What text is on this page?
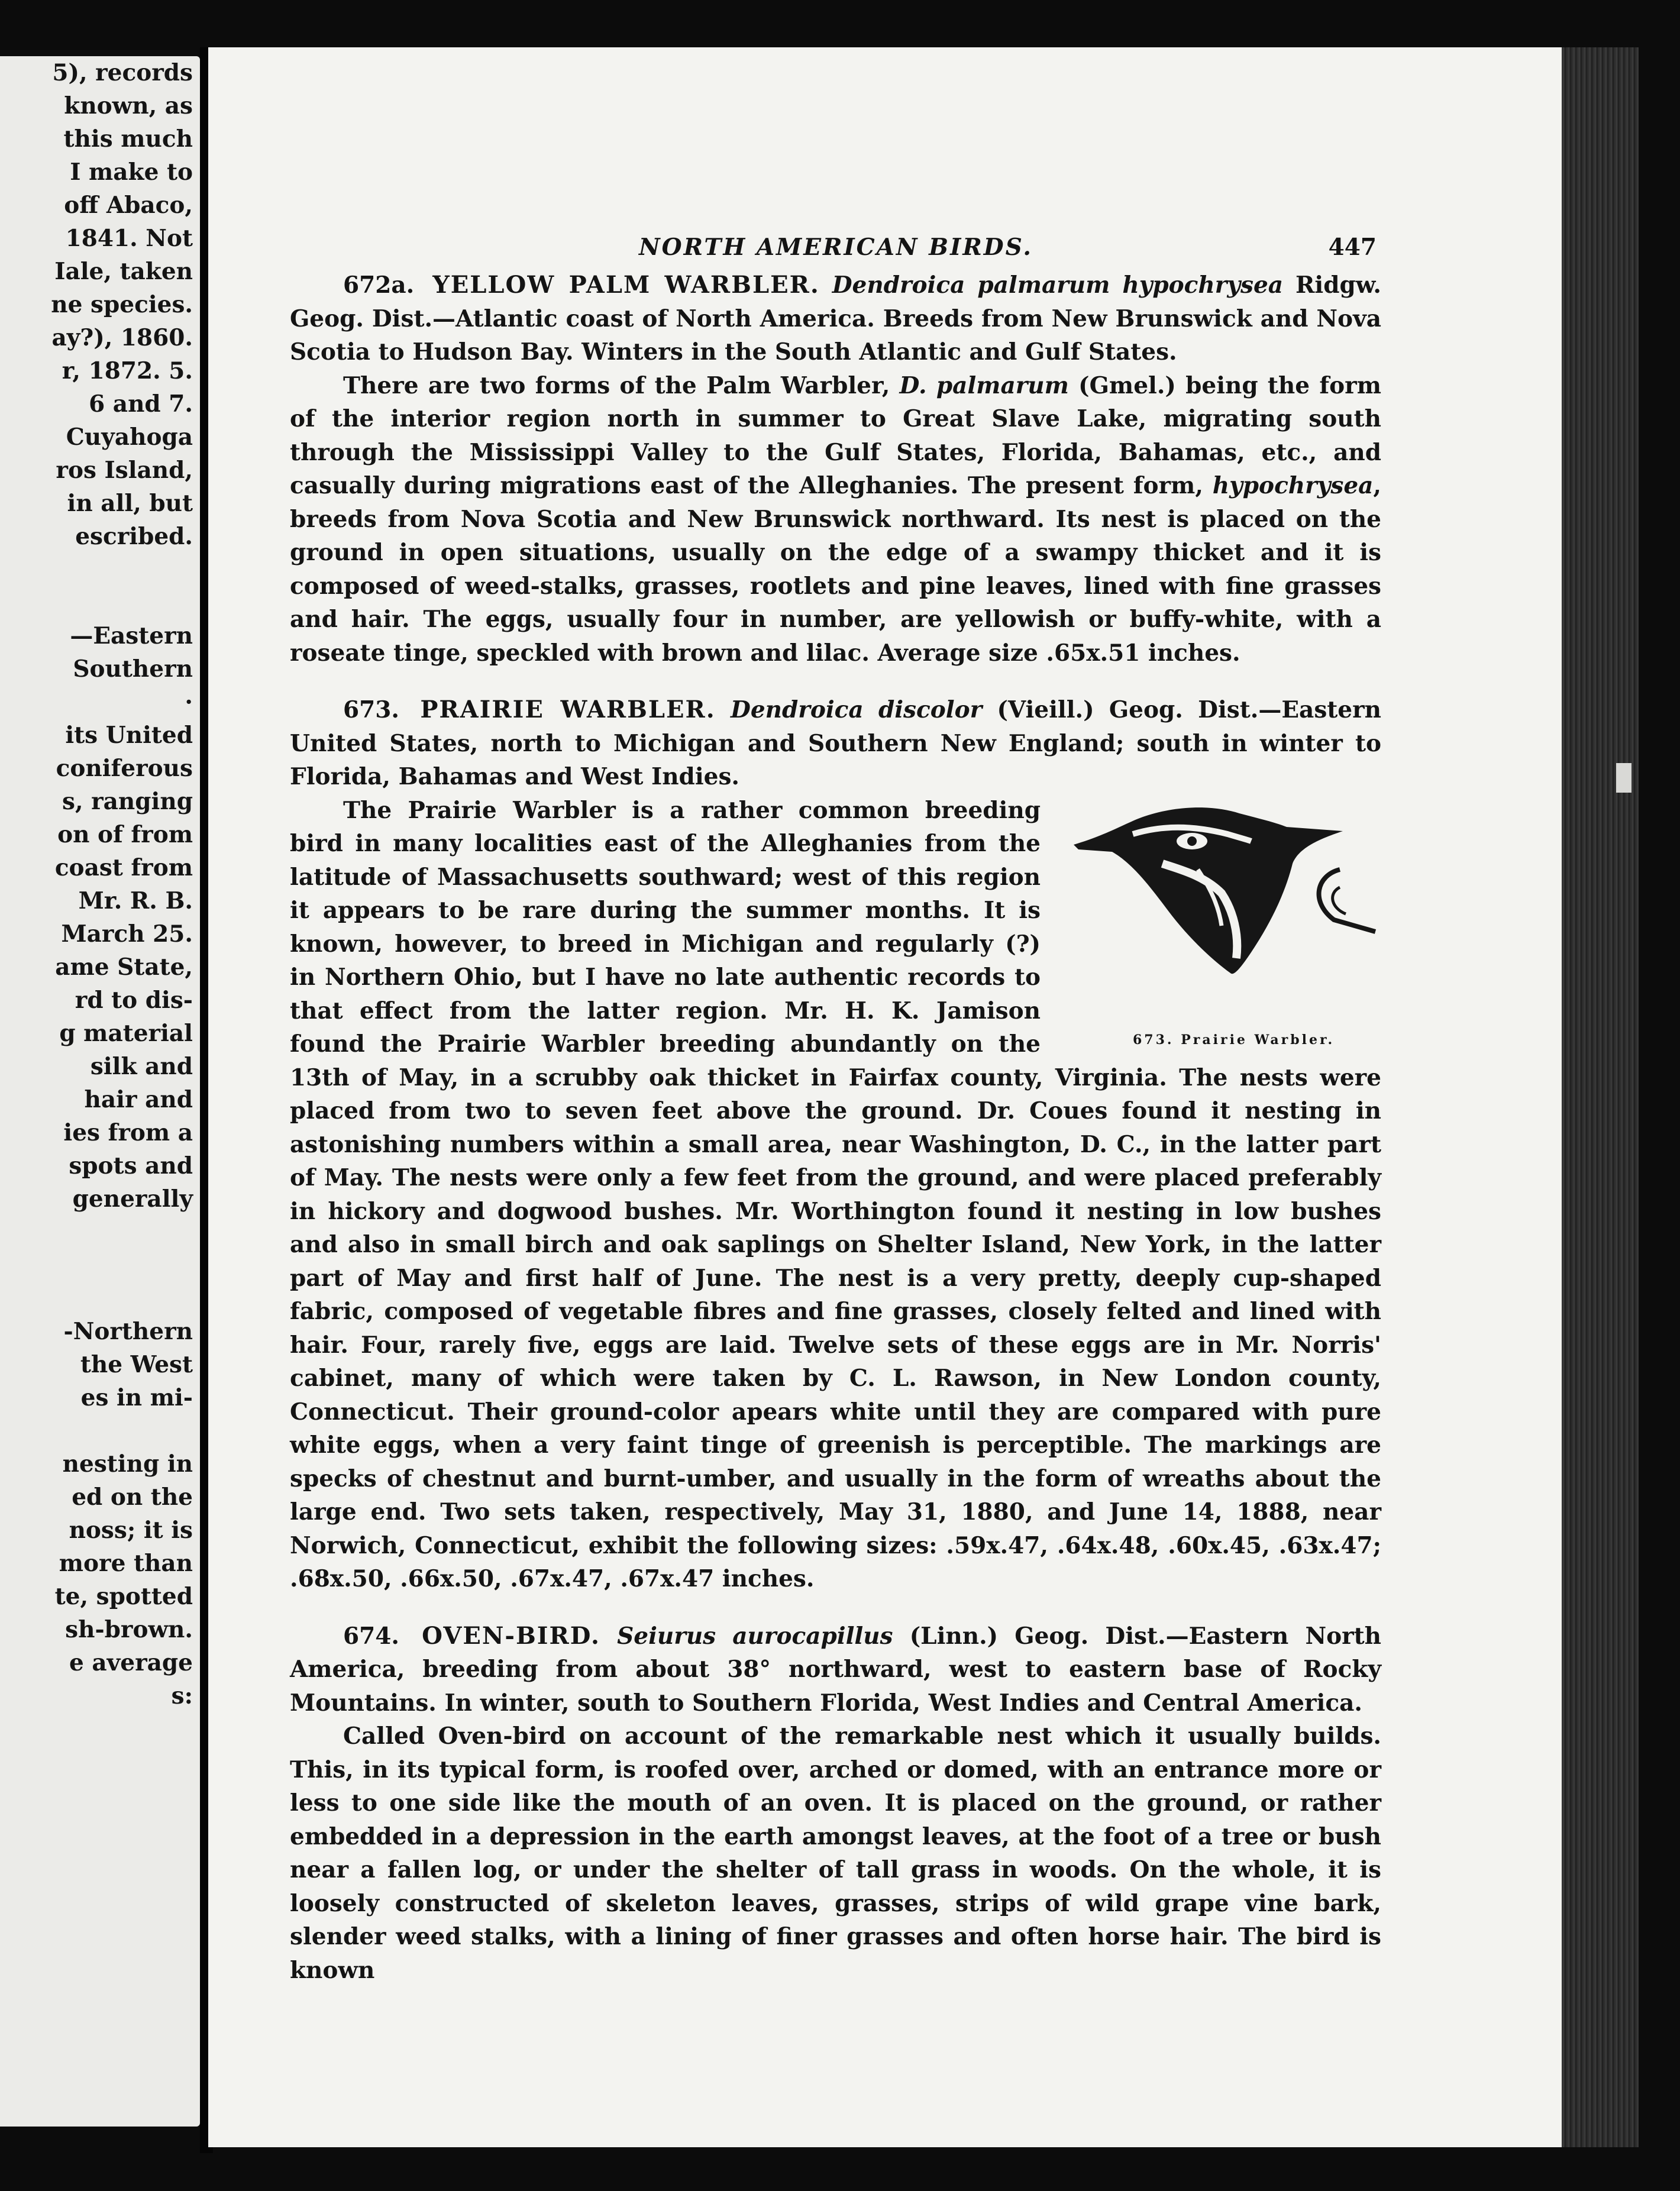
5), records
known, as
this much
I make to
off Abaco,
1841. Not
Iale, taken
ne species.
ay?), 1860.
r, 1872. 5.
6 and 7.
Cuyahoga
ros Island,
in all, but
escribed.
—Eastern
Southern
·
its United
coniferous
s, ranging
on of from
coast from
Mr. R. B.
March 25.
ame State,
rd to dis-
g material
silk and
hair and
ies from a
spots and
generally
-Northern
the West
es in mi-
nesting in
ed on the
noss; it is
more than
te, spotted
sh-brown.
e average
s:
NORTH AMERICAN BIRDS.	447

672a. YELLOW PALM WARBLER. Dendroica palmarum hypochrysea Ridgw. Geog. Dist.—Atlantic coast of North America. Breeds from New Brunswick and Nova Scotia to Hudson Bay. Winters in the South Atlantic and Gulf States.

There are two forms of the Palm Warbler, D. palmarum (Gmel.) being the form of the interior region north in summer to Great Slave Lake, migrating south through the Mississippi Valley to the Gulf States, Florida, Bahamas, etc., and casually during migrations east of the Alleghanies. The present form, hypochrysea, breeds from Nova Scotia and New Brunswick northward. Its nest is placed on the ground in open situations, usually on the edge of a swampy thicket and it is composed of weed-stalks, grasses, rootlets and pine leaves, lined with fine grasses and hair. The eggs, usually four in number, are yellowish or buffy-white, with a roseate tinge, speckled with brown and lilac. Average size .65x.51 inches.

673. PRAIRIE WARBLER. Dendroica discolor (Vieill.) Geog. Dist.—Eastern United States, north to Michigan and Southern New England; south in winter to Florida, Bahamas and West Indies.

673. Prairie Warbler.
The Prairie Warbler is a rather common breeding bird in many localities east of the Alleghanies from the latitude of Massachusetts southward; west of this region it appears to be rare during the summer months. It is known, however, to breed in Michigan and regularly (?) in Northern Ohio, but I have no late authentic records to that effect from the latter region. Mr. H. K. Jamison found the Prairie Warbler breeding abundantly on the 13th of May, in a scrubby oak thicket in Fairfax county, Virginia. The nests were placed from two to seven feet above the ground. Dr. Coues found it nesting in astonishing numbers within a small area, near Washington, D. C., in the latter part of May. The nests were only a few feet from the ground, and were placed preferably in hickory and dogwood bushes. Mr. Worthington found it nesting in low bushes and also in small birch and oak saplings on Shelter Island, New York, in the latter part of May and first half of June. The nest is a very pretty, deeply cup-shaped fabric, composed of vegetable fibres and fine grasses, closely felted and lined with hair. Four, rarely five, eggs are laid. Twelve sets of these eggs are in Mr. Norris' cabinet, many of which were taken by C. L. Rawson, in New London county, Connecticut. Their ground-color apears white until they are compared with pure white eggs, when a very faint tinge of greenish is perceptible. The markings are specks of chestnut and burnt-umber, and usually in the form of wreaths about the large end. Two sets taken, respectively, May 31, 1880, and June 14, 1888, near Norwich, Connecticut, exhibit the following sizes: .59x.47, .64x.48, .60x.45, .63x.47; .68x.50, .66x.50, .67x.47, .67x.47 inches.

674. OVEN-BIRD. Seiurus aurocapillus (Linn.) Geog. Dist.—Eastern North America, breeding from about 38° northward, west to eastern base of Rocky Mountains. In winter, south to Southern Florida, West Indies and Central America.

Called Oven-bird on account of the remarkable nest which it usually builds. This, in its typical form, is roofed over, arched or domed, with an entrance more or less to one side like the mouth of an oven. It is placed on the ground, or rather embedded in a depression in the earth amongst leaves, at the foot of a tree or bush near a fallen log, or under the shelter of tall grass in woods. On the whole, it is loosely constructed of skeleton leaves, grasses, strips of wild grape vine bark, slender weed stalks, with a lining of finer grasses and often horse hair. The bird is known
